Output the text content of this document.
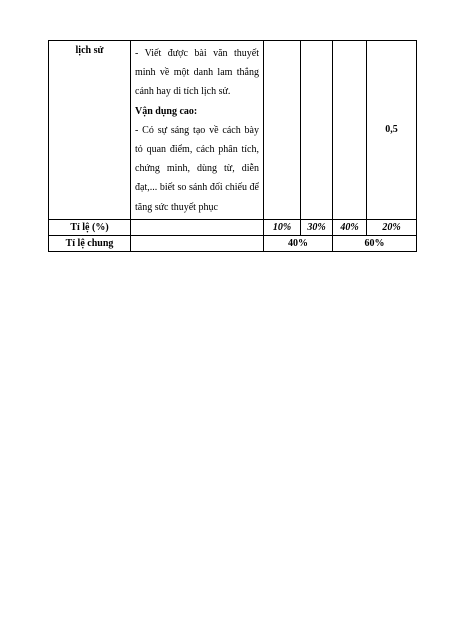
lịch sử	- Viết được bài văn thuyết minh về một danh lam thắng cảnh hay di tích lịch sử.

Vận dụng cao:

- Có sự sáng tạo về cách bày tỏ quan điểm, cách phân tích, chứng minh, dùng từ, diễn đạt,... biết so sánh đối chiếu để tăng sức thuyết phục				0,5
Tỉ lệ (%)		10%	30%	40%	20%
Tỉ lệ chung		40%		60%	
